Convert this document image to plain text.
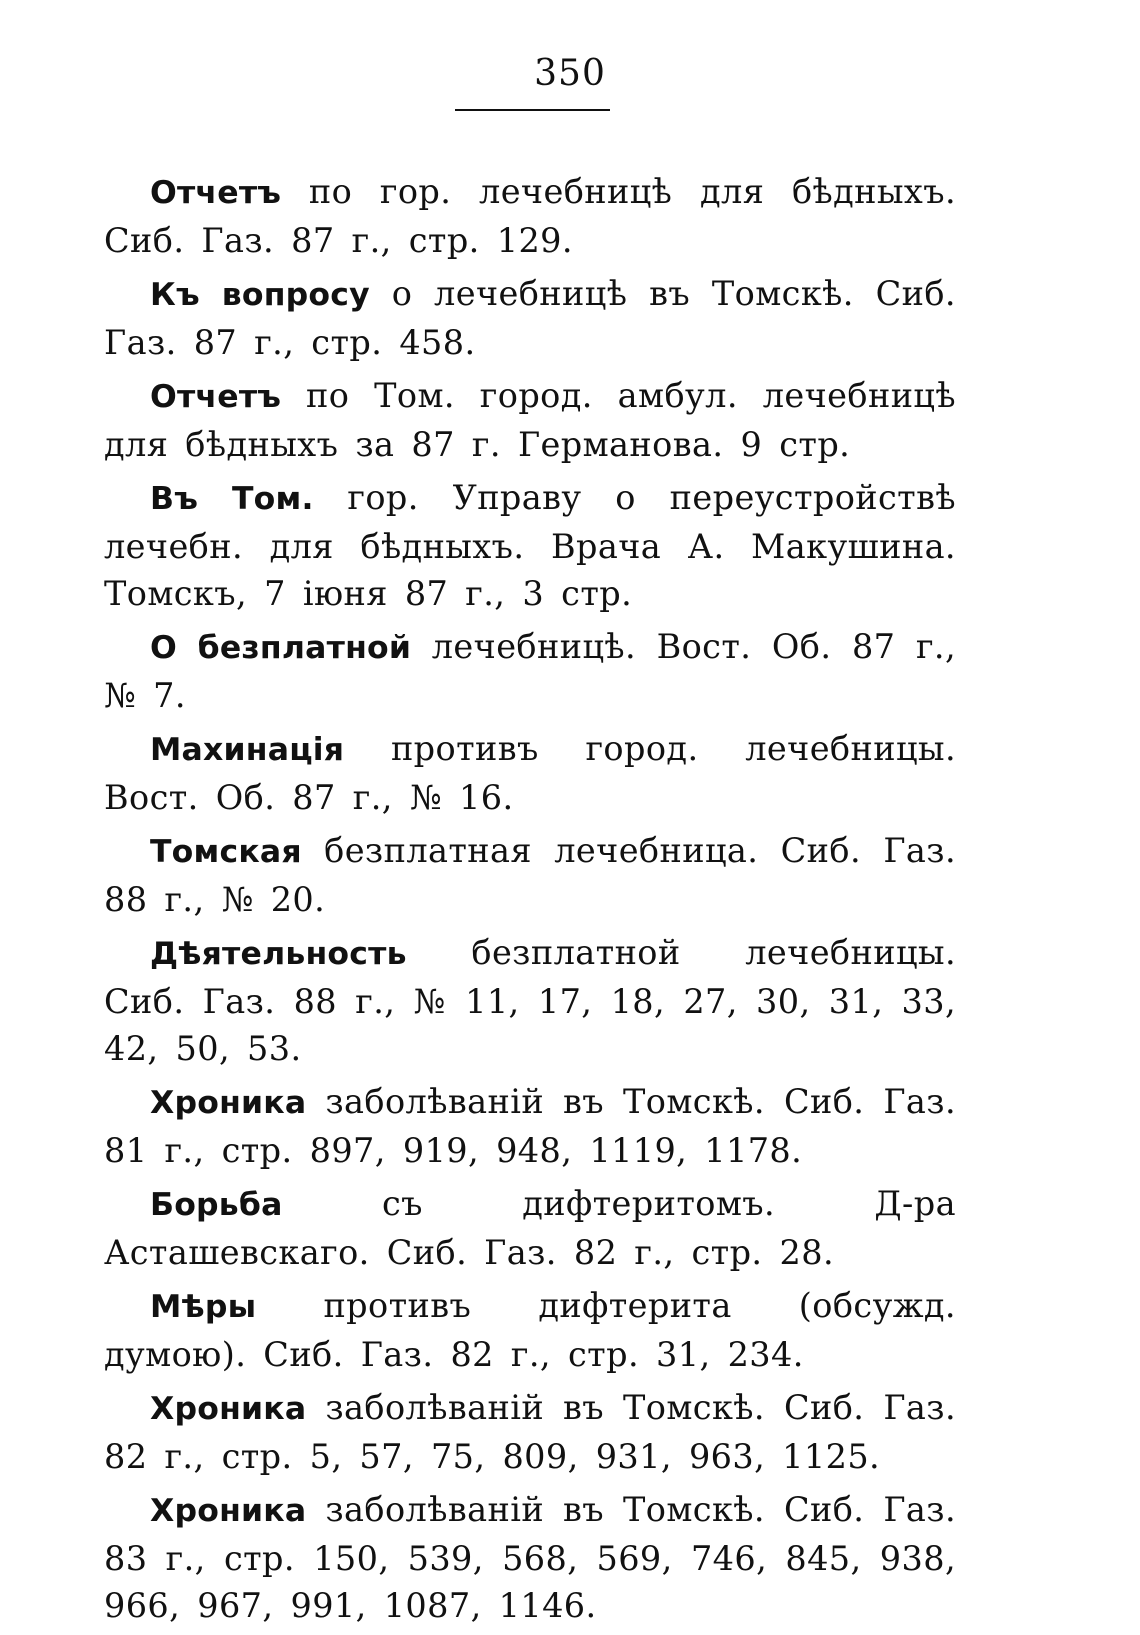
350

Отчетъ по гор. лечебницѣ для бѣдныхъ. Сиб. Газ. 87 г., стр. 129.

Къ вопросу о лечебницѣ въ Томскѣ. Сиб. Газ. 87 г., стр. 458.

Отчетъ по Том. город. амбул. лечебницѣ для бѣдныхъ за 87 г. Германова. 9 стр.

Въ Том. гор. Управу о переустройствѣ лечебн. для бѣдныхъ. Врача А. Макушина. Томскъ, 7 іюня 87 г., 3 стр.

О безплатной лечебницѣ. Вост. Об. 87 г., № 7.

Махинація противъ город. лечебницы. Вост. Об. 87 г., № 16.

Томская безплатная лечебница. Сиб. Газ. 88 г., № 20.

Дѣятельность безплатной лечебницы. Сиб. Газ. 88 г., № 11, 17, 18, 27, 30, 31, 33, 42, 50, 53.

Хроника заболѣваній въ Томскѣ. Сиб. Газ. 81 г., стр. 897, 919, 948, 1119, 1178.

Борьба	съ дифтеритомъ. Д-ра Асташевскаго. Сиб. Газ. 82 г., стр. 28.

Мѣры противъ дифтерита (обсужд. думою). Сиб. Газ. 82 г., стр. 31, 234.

Хроника заболѣваній въ Томскѣ. Сиб. Газ. 82 г., стр. 5, 57, 75, 809, 931, 963, 1125.

Хроника заболѣваній въ Томскѣ. Сиб. Газ. 83 г., стр. 150, 539, 568, 569, 746, 845, 938, 966, 967, 991, 1087, 1146.
